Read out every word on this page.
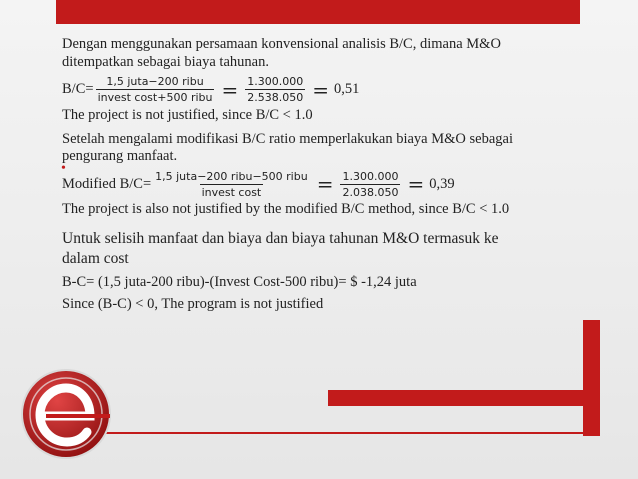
Dengan menggunakan persamaan konvensional analisis B/C, dimana M&O
ditempatkan sebagai biaya tahunan.
$B/C= \frac{\text{1,5 juta−200 ribu}}{\text{invest cost+500 ribu}} = \frac{1.300.000}{2.538.050} = 0,51$
The project is not justified, since B/C < 1.0
Setelah mengalami modifikasi B/C ratio memperlakukan biaya M&O sebagai
pengurang manfaat.
•
Modified $B/C= \frac{\text{1,5 juta−200 ribu−500 ribu}}{\text{invest cost}} = \frac{1.300.000}{2.038.050} = 0,39$
The project is also not justified by the modified B/C method, since B/C < 1.0
Untuk selisih manfaat dan biaya dan biaya tahunan M&O termasuk ke
dalam cost
B-C= (1,5 juta-200 ribu)-(Invest Cost-500 ribu)= $ -1,24 juta
Since (B-C) < 0, The program is not justified
